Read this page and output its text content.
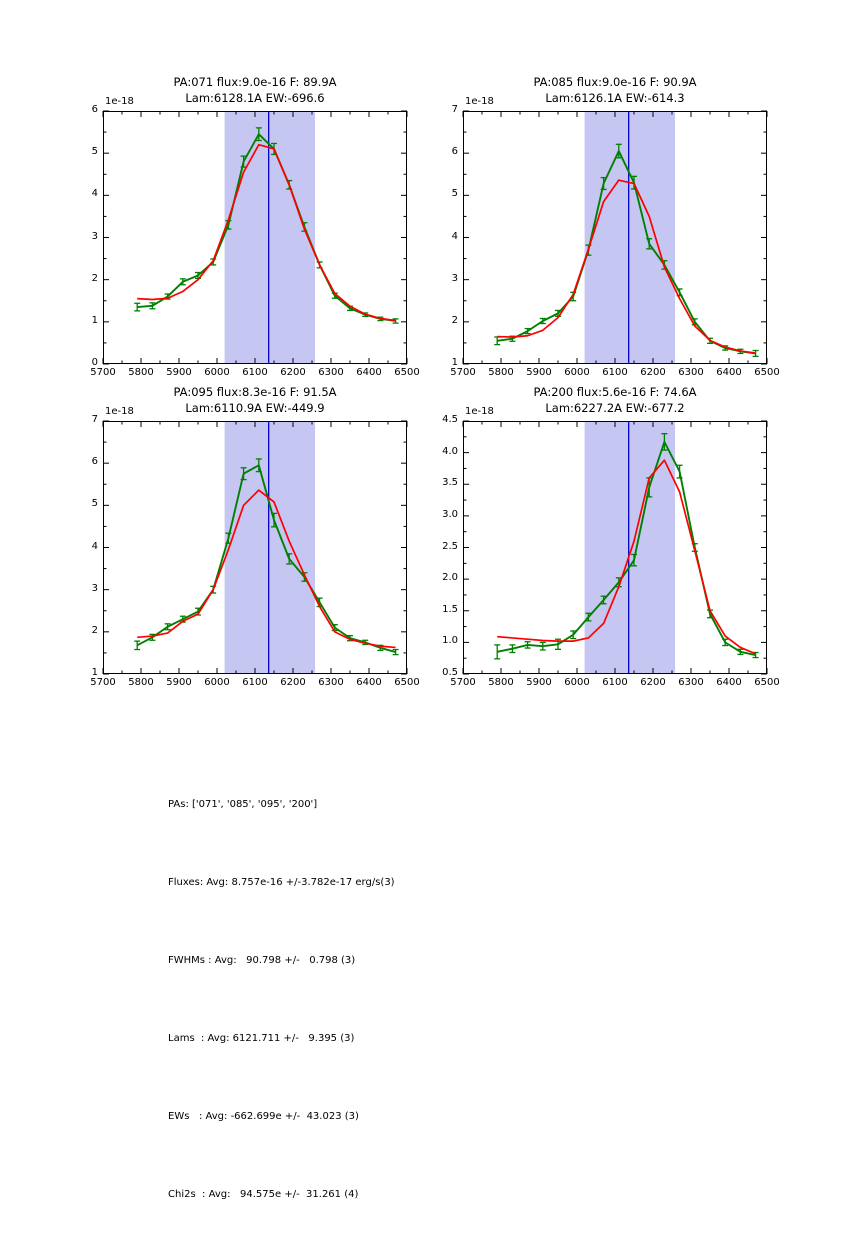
PA:071 flux:9.0e-16 F: 89.9A
Lam:6128.1A EW:-696.6
1e-18
5700	5800	5900	6000	6100	6200	6300	6400	6500
0
1
2
3
4
5
6
PA:085 flux:9.0e-16 F: 90.9A
Lam:6126.1A EW:-614.3
1e-18
5700	5800	5900	6000	6100	6200	6300	6400	6500
1
2
3
4
5
6
7
PA:095 flux:8.3e-16 F: 91.5A
Lam:6110.9A EW:-449.9
1e-18
5700	5800	5900	6000	6100	6200	6300	6400	6500
1
2
3
4
5
6
7
PA:200 flux:5.6e-16 F: 74.6A
Lam:6227.2A EW:-677.2
1e-18
5700	5800	5900	6000	6100	6200	6300	6400	6500
0.5
1.0
1.5
2.0
2.5
3.0
3.5
4.0
4.5

PAs: ['071', '085', '095', '200']

Fluxes: Avg: 8.757e-16 +/-3.782e-17 erg/s(3)

FWHMs : Avg:   90.798 +/-   0.798 (3)

Lams  : Avg: 6121.711 +/-   9.395 (3)

EWs   : Avg: -662.699e +/-  43.023 (3)

Chi2s  : Avg:   94.575e +/-  31.261 (4)
